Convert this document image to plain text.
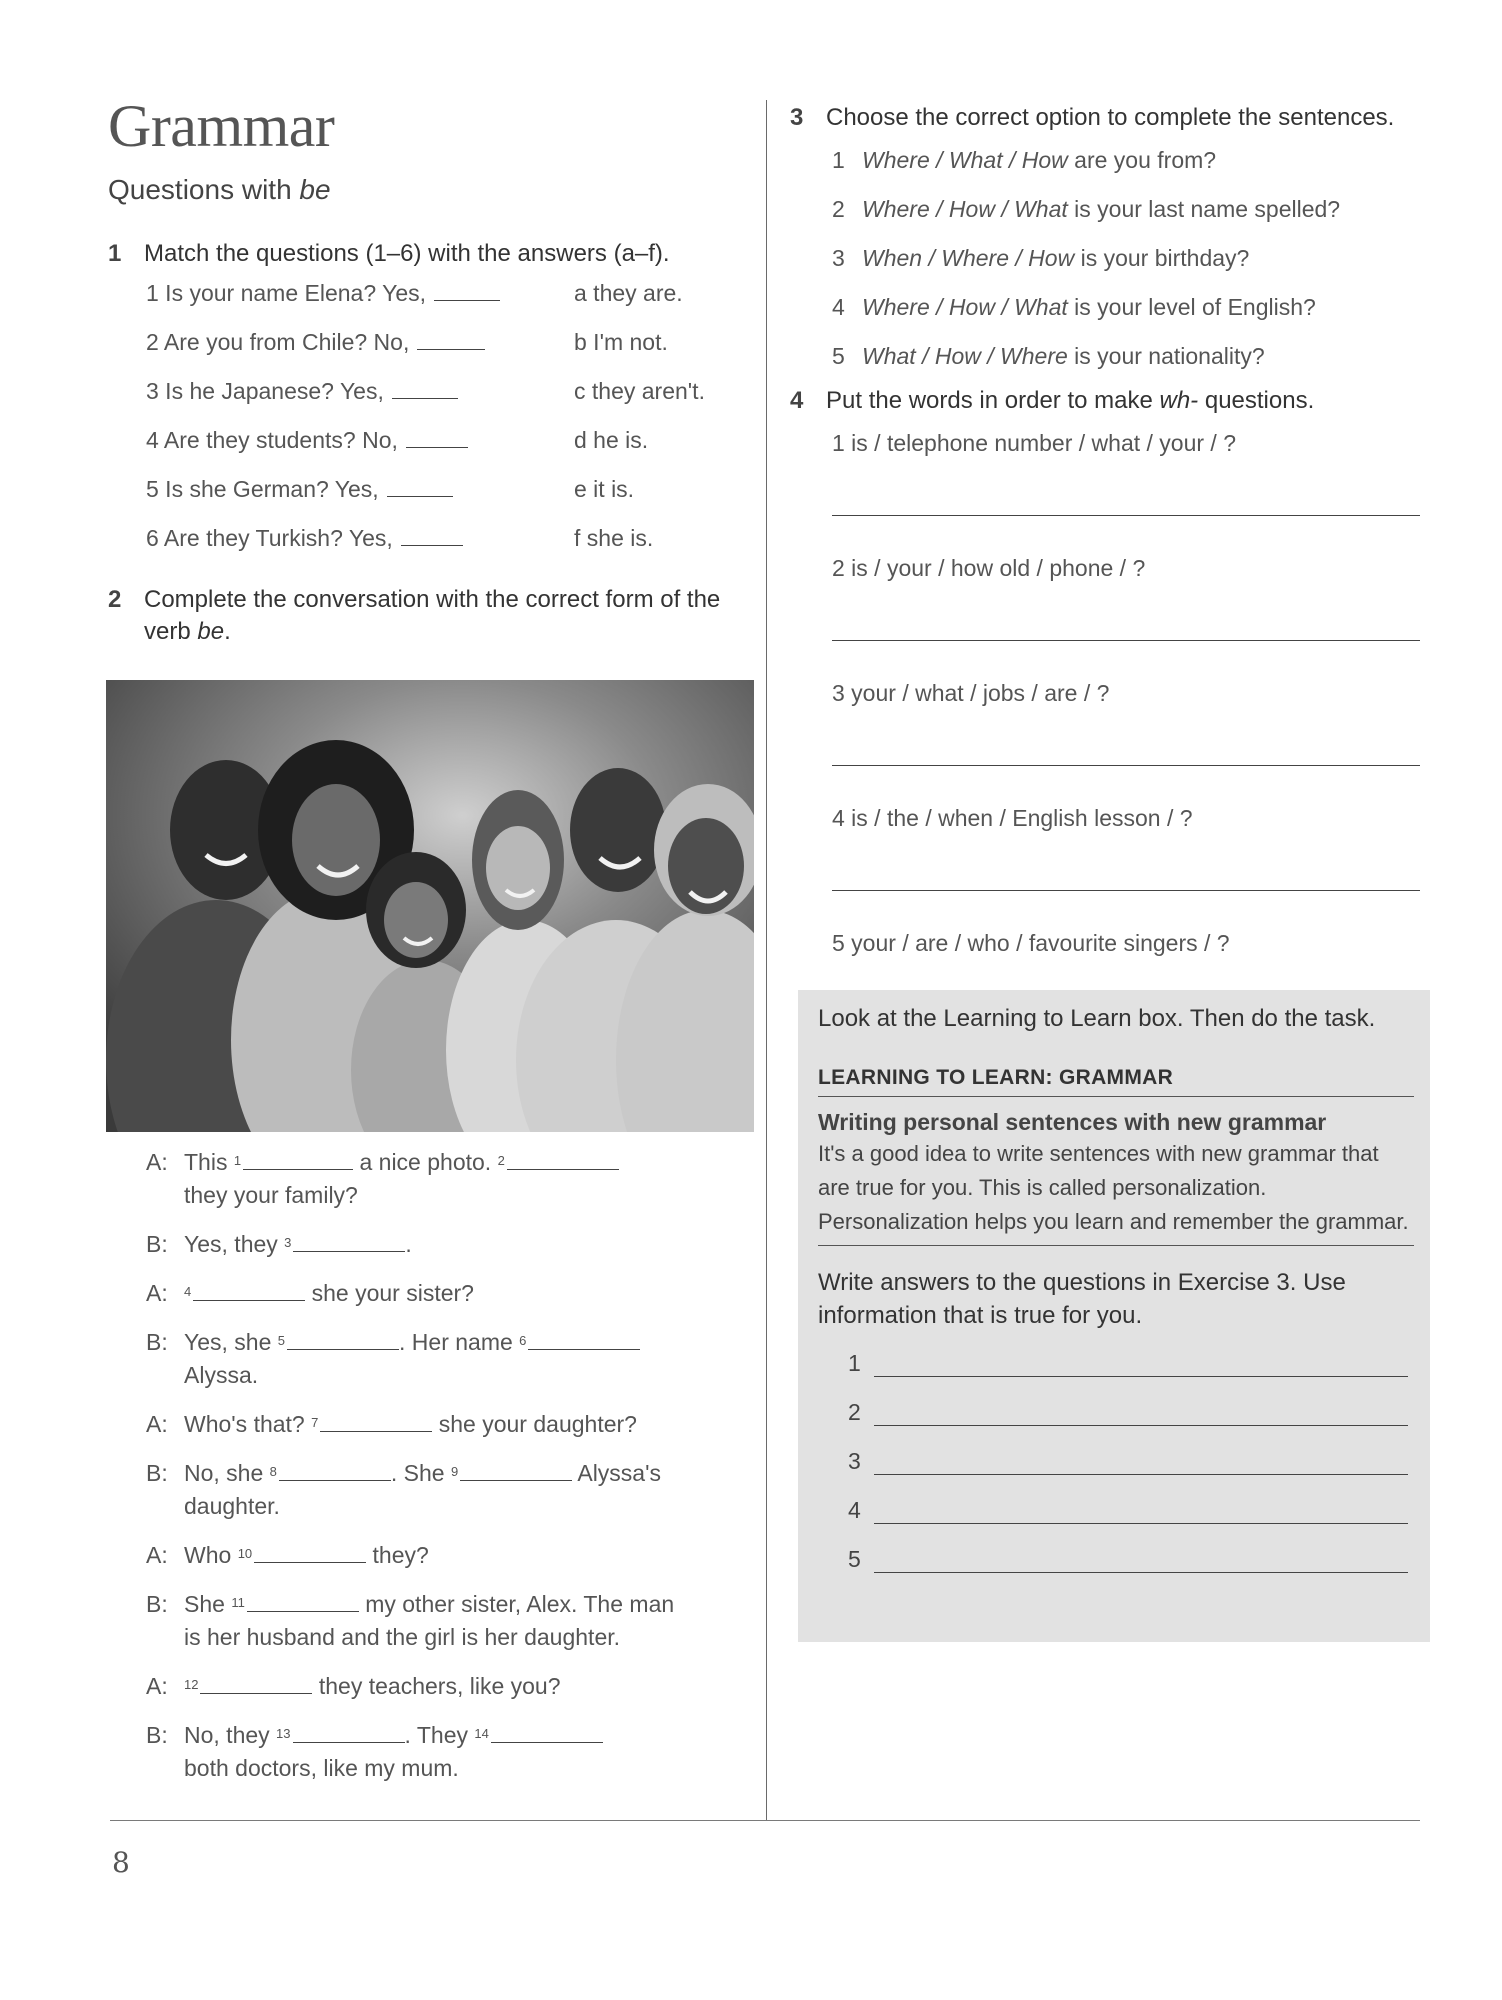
8
Grammar
Questions with be
1 Match the questions (1–6) with the answers (a–f).
1 Is your name Elena? Yes,	a they are.
2 Are you from Chile? No,	b I'm not.
3 Is he Japanese? Yes,	c they aren't.
4 Are they students? No,	d he is.
5 Is she German? Yes,	e it is.
6 Are they Turkish? Yes,	f she is.
2 Complete the conversation with the correct form of the verb be.
A: This $^1$	a nice photo. $^2$
they your family?
B: Yes, they $^3$	.
A:	$^4$	she your sister?
B: Yes, she $^5$	. Her name $^6$
Alyssa.
A: Who's that? $^7$	she your daughter?
B: No, she $^8$	. She $^9$	Alyssa's
daughter.
A: Who $^{10}$	they?
B: She $^{11}$	my other sister, Alex. The man
is her husband and the girl is her daughter.
A:	$^{12}$	they teachers, like you?
B: No, they $^{13}$	. They $^{14}$
both doctors, like my mum.
3 Choose the correct option to complete the sentences.
1 Where / What / How are you from?
2 Where / How / What is your last name spelled?
3 When / Where / How is your birthday?
4 Where / How / What is your level of English?
5 What / How / Where is your nationality?
4 Put the words in order to make wh- questions.
1 is / telephone number / what / your / ?
2 is / your / how old / phone / ?
3 your / what / jobs / are / ?
4 is / the / when / English lesson / ?
5 your / are / who / favourite singers / ?
Look at the Learning to Learn box. Then do the task.
LEARNING TO LEARN: GRAMMAR
Writing personal sentences with new grammar
It's a good idea to write sentences with new grammar that are true for you. This is called personalization. Personalization helps you learn and remember the grammar.
Write answers to the questions in Exercise 3. Use information that is true for you.
1
2
3
4
5
